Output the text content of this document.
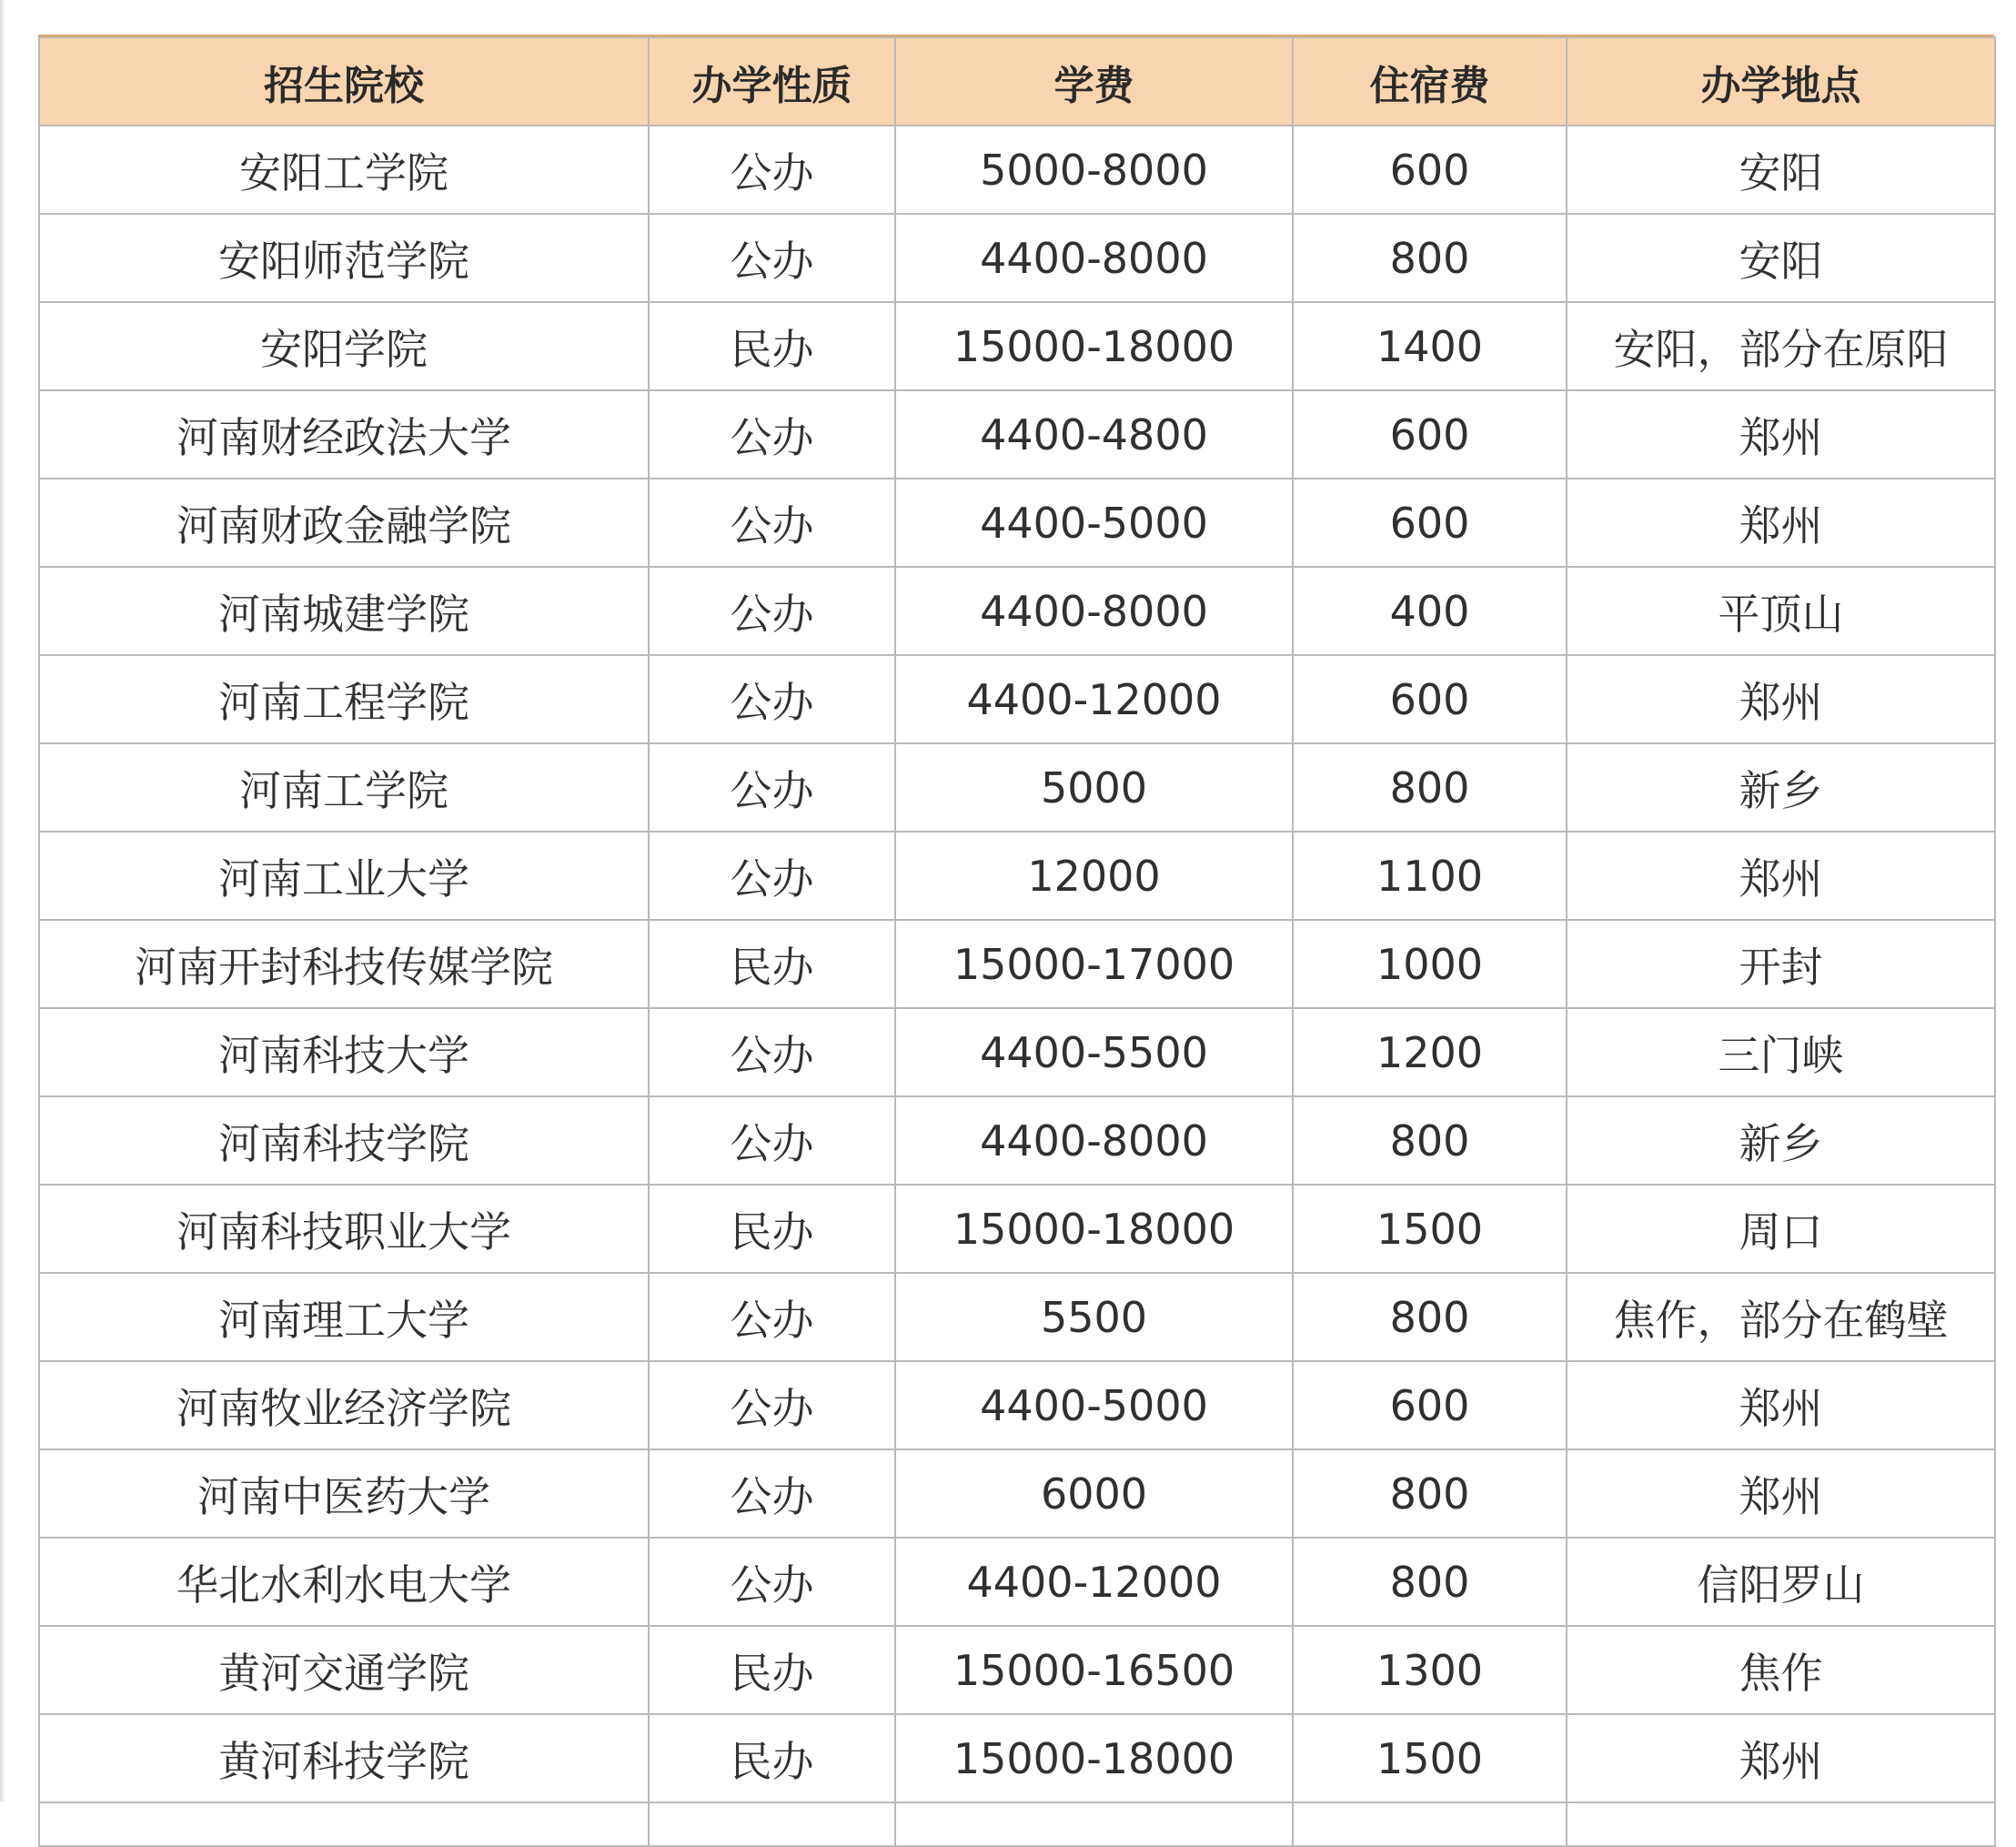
招生院校	办学性质	学费	住宿费	办学地点
安阳工学院	公办	5000-8000	600	安阳
安阳师范学院	公办	4400-8000	800	安阳
安阳学院	民办	15000-18000	1400	安阳，部分在原阳
河南财经政法大学	公办	4400-4800	600	郑州
河南财政金融学院	公办	4400-5000	600	郑州
河南城建学院	公办	4400-8000	400	平顶山
河南工程学院	公办	4400-12000	600	郑州
河南工学院	公办	5000	800	新乡
河南工业大学	公办	12000	1100	郑州
河南开封科技传媒学院	民办	15000-17000	1000	开封
河南科技大学	公办	4400-5500	1200	三门峡
河南科技学院	公办	4400-8000	800	新乡
河南科技职业大学	民办	15000-18000	1500	周口
河南理工大学	公办	5500	800	焦作，部分在鹤壁
河南牧业经济学院	公办	4400-5000	600	郑州
河南中医药大学	公办	6000	800	郑州
华北水利水电大学	公办	4400-12000	800	信阳罗山
黄河交通学院	民办	15000-16500	1300	焦作
黄河科技学院	民办	15000-18000	1500	郑州
